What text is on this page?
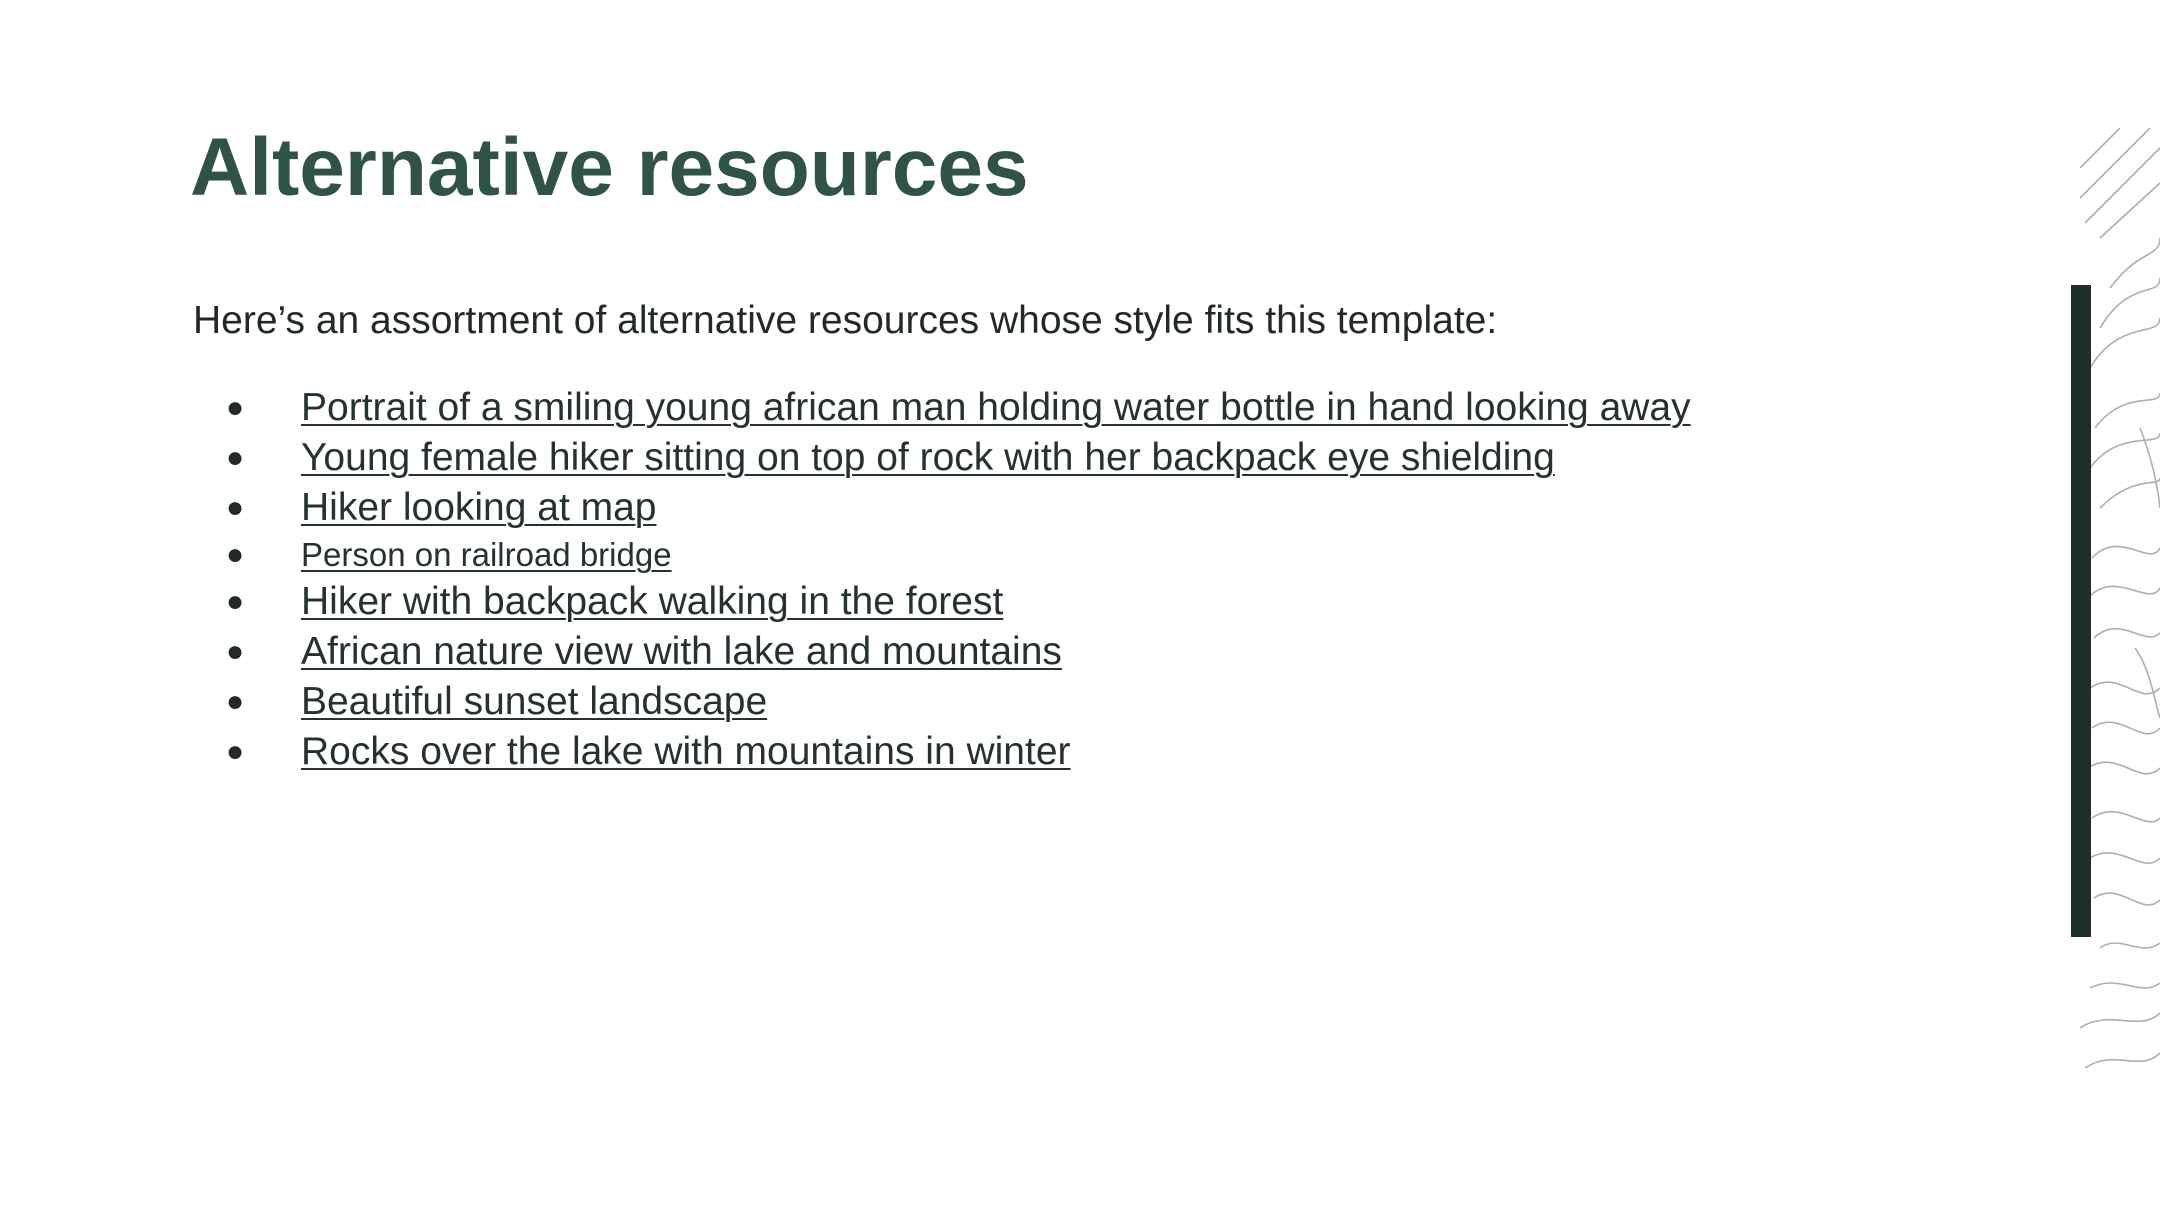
Alternative resources

Here’s an assortment of alternative resources whose style fits this template:

● Portrait of a smiling young african man holding water bottle in hand looking away
● Young female hiker sitting on top of rock with her backpack eye shielding
● Hiker looking at map
● Person on railroad bridge
● Hiker with backpack walking in the forest
● African nature view with lake and mountains
● Beautiful sunset landscape
● Rocks over the lake with mountains in winter
